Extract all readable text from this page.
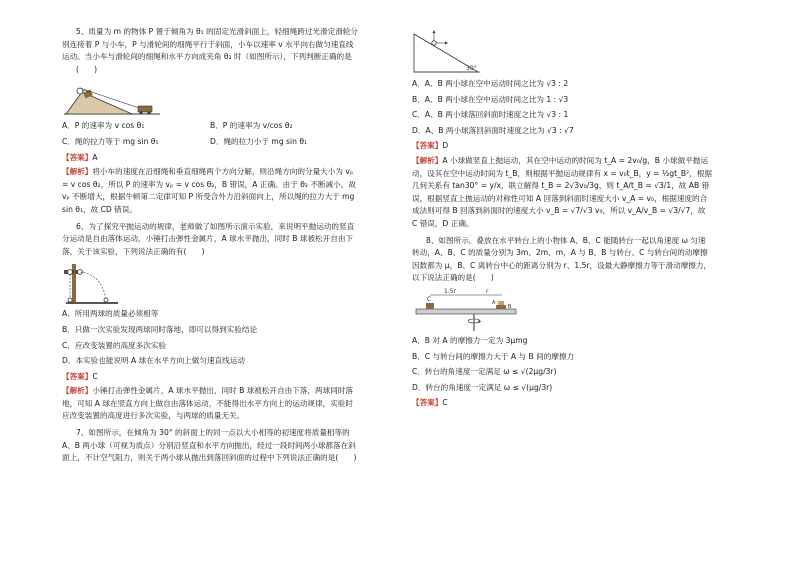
5、质量为 m 的物体 P 置于倾角为 θ₁ 的固定光滑斜面上，轻细绳跨过光滑定滑轮分别连接着 P 与小车，P 与滑轮间的细绳平行于斜面，小车以速率 v 水平向右做匀速直线运动。当小车与滑轮间的细绳和水平方向成夹角 θ₂ 时（如图所示），下列判断正确的是

(　　)

A．P 的速率为 v cos θ₁	B．P 的速率为 v/cos θ₂
C．绳的拉力等于 mg sin θ₁	D．绳的拉力小于 mg sin θ₁

【答案】A

【解析】将小车的速度在沿细绳和垂直细绳两个方向分解，则沿绳方向的分量大小为 vₚ = v cos θ₂，所以 P 的速率为 vₚ = v cos θ₂，B 错误，A 正确。由于 θ₂ 不断减小，故 vₚ 不断增大，根据牛顿第二定律可知 P 所受合外力沿斜面向上，所以绳的拉力大于 mg sin θ₁，故 CD 错误。

6、为了探究平抛运动的规律，老师做了如图所示演示实验，来说明平抛运动的竖直分运动是自由落体运动，小锤打击弹性金属片，A 球水平抛出，同时 B 球被松开自由下落，关于该实验，下列说法正确的有(　　)

A．所用两球的质量必须相等

B．只做一次实验发现两球同时落地，即可以得到实验结论

C．应改变装置的高度多次实验

D．本实验也能说明 A 球在水平方向上做匀速直线运动

【答案】C

【解析】小锤打击弹性金属片，A 球水平抛出，同时 B 球被松开自由下落，两球同时落地，可知 A 球在竖直方向上做自由落体运动，不能得出水平方向上的运动规律，实验时应改变装置的高度进行多次实验，与两球的质量无关。

7、如图所示，在倾角为 30° 的斜面上的同一点以大小相等的初速度将质量相等的 A、B 两小球（可视为质点）分别沿竖直和水平方向抛出，经过一段时间两小球都落在斜面上，不计空气阻力，则关于两小球从抛出到落回斜面的过程中下列说法正确的是(　　)

30°

A．A、B 两小球在空中运动时间之比为 √3 : 2

B．A、B 两小球在空中运动时间之比为 1 : √3

C．A、B 两小球落回斜面时速度之比为 √3 : 1

D．A、B 两小球落回斜面时速度之比为 √3 : √7

【答案】D

【解析】A 小球做竖直上抛运动，其在空中运动的时间为 t_A = 2v₀/g，B 小球做平抛运动，设其在空中运动时间为 t_B，则根据平抛运动规律有 x = v₀t_B，y = ½gt_B²，根据几何关系有 tan30° = y/x，联立解得 t_B = 2√3v₀/3g，则 t_A/t_B = √3/1，故 AB 错误，根据竖直上抛运动的对称性可知 A 回落到斜面时速度大小 v_A = v₀，根据速度的合成法则可得 B 回落到斜面时的速度大小 v_B = √7/√3 v₀，所以 v_A/v_B = √3/√7，故 C 错误，D 正确。

8、如图所示，叠放在水平转台上的小物体 A、B、C 能随转台一起以角速度 ω 匀速转动，A、B、C 的质量分别为 3m、2m、m，A 与 B、B 与转台、C 与转台间的动摩擦因数都为 μ，B、C 离转台中心的距离分别为 r、1.5r，设最大静摩擦力等于滑动摩擦力，以下说法正确的是(　　)

1.5r	r
C	A
B

A．B 对 A 的摩擦力一定为 3μmg

B．C 与转台间的摩擦力大于 A 与 B 间的摩擦力

C．转台的角速度一定满足 ω ≤ √(2μg/3r)

D．转台的角速度一定满足 ω ≤ √(μg/3r)

【答案】C
